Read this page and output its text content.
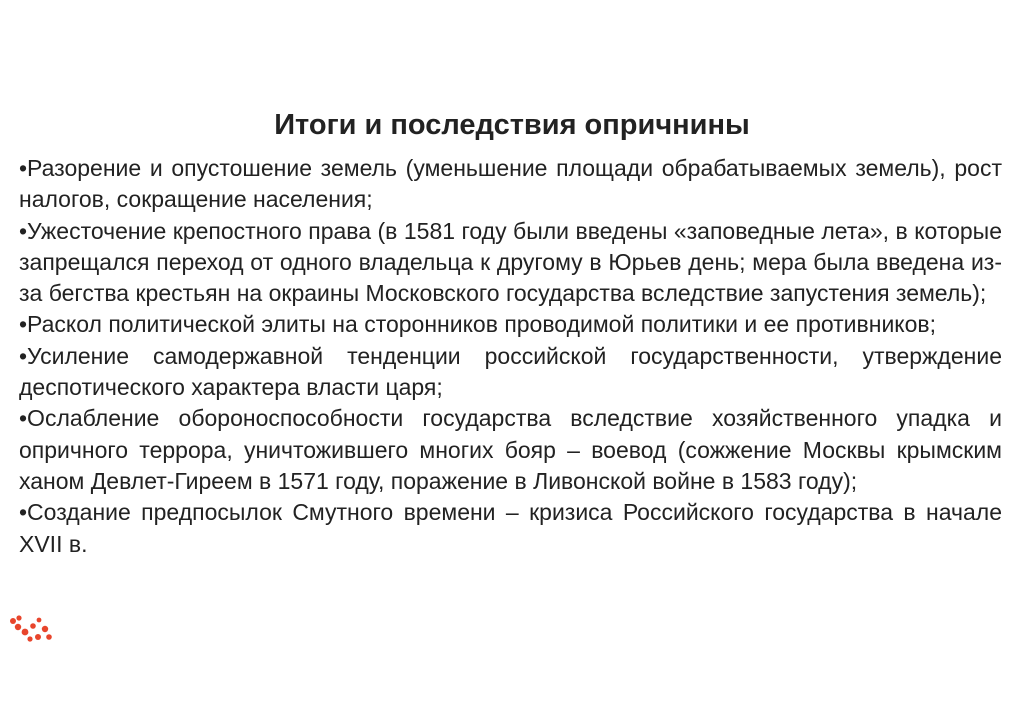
Итоги и последствия опричнины

•Разорение и опустошение земель (уменьшение площади обрабатываемых земель), рост налогов, сокращение населения;

•Ужесточение крепостного права (в 1581 году были введены «заповедные лета», в которые запрещался переход от одного владельца к другому в Юрьев день; мера была введена из-за бегства крестьян на окраины Московского государства вследствие запустения земель);

•Раскол политической элиты на сторонников проводимой политики и ее противников;

•Усиление самодержавной тенденции российской государственности, утверждение деспотического характера власти царя;

•Ослабление обороноспособности государства вследствие хозяйственного упадка и опричного террора, уничтожившего многих бояр – воевод (сожжение Москвы крымским ханом Девлет-Гиреем в 1571 году, поражение в Ливонской войне в 1583 году);

•Создание предпосылок Смутного времени – кризиса Российского государства в начале XVII в.
